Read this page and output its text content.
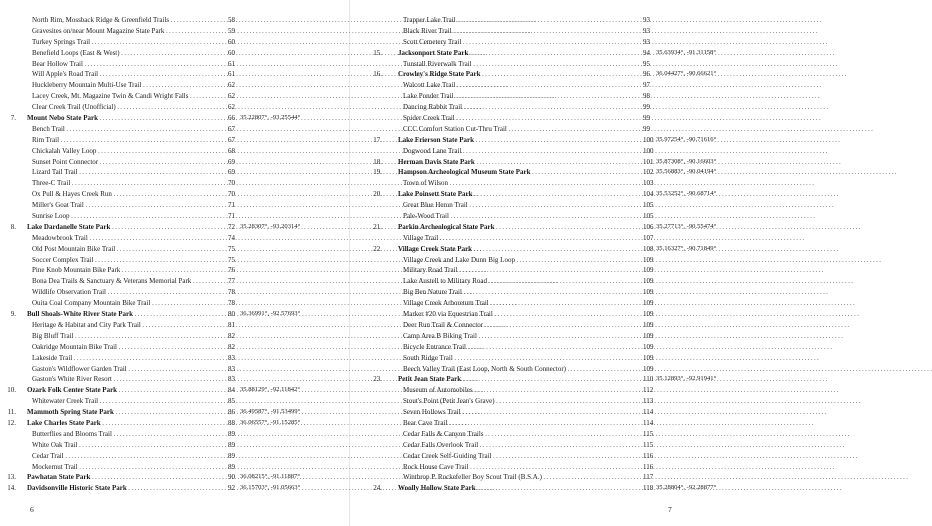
North Rim, Mossback Ridge & Greenfield Trails . . .	58
Gravesites on/near Mount Magazine State Park . . .	59
Turkey Springs Trail . . .	60
Benefield Loops (East & West) . . .	60
Bear Hollow Trail . . .	61
Will Apple's Road Trail . . .	61
Huckleberry Mountain Multi-Use Trail . . .	62
Lacey Creek, Mt. Magazine Twin & Candi Wright Falls . . .	62
Clear Creek Trail (Unofficial) . . .	62
7. Mount Nebo State Park . . .	66 35.22807°, -93.25544°
Bench Trail . . .	67
Rim Trail . . .	67
Chickalah Valley Loop . . .	68
Sunset Point Connector . . .	69
Lizard Tail Trail . . .	69
Three-C Trail . . .	70
Ox Pull & Hayes Creek Run . . .	70
Miller's Goat Trail . . .	71
Sunrise Loop . . .	71
8. Lake Dardanelle State Park . . .	72 35.28307°, -93.20314°
Meadowbrook Trail . . .	74
Old Post Mountain Bike Trail . . .	75
Soccer Complex Trail . . .	75
Pine Knob Mountain Bike Park . . .	76
Bona Dea Trails & Sanctuary & Veterans Memorial Park . . .	77
Wildlife Observation Trail . . .	78
Ouita Coal Company Mountain Bike Trail . . .	78
9. Bull Shoals-White River State Park . . .	80 36.36991°, -92.57693°
Heritage & Habitat and City Park Trail . . .	81
Big Bluff Trail . . .	82
Oakridge Mountain Bike Trail . . .	82
Lakeside Trail . . .	83
Gaston's Wildflower Garden Trail . . .	83
Gaston's White River Resort . . .	83
10. Ozark Folk Center State Park . . .	84 35.88129°, -92.11842°
Whitewater Creek Trail . . .	85
11. Mammoth Spring State Park . . .	86 36.49587°, -91.53499°
12. Lake Charles State Park . . .	88 36.06557°, -91.15285°
Butterflies and Blooms Trail . . .	89
White Oak Trail . . .	89
Cedar Trail . . .	89
Mockernut Trail . . .	89
13. Pawhatan State Park . . .	90 36.08215°, -91.11887°
14. Davidsonville Historic State Park . . .	92 36.15703°, -91.05663°
6
Trapper Lake Trail . . .	93
Black River Trail . . .	93
Scott Cemetery Trail . . .	93
15. Jacksonport State Park . . .	94 35.63934°, -91.31158°
Tunstall Riverwalk Trail . . .	95
16. Crowley's Ridge State Park . . .	96 36.04427°, -90.66621°
Walcott Lake Trail . . .	97
Lake Ponder Trail . . .	98
Dancing Rabbit Trail . . .	99
Spider Creek Trail . . .	99
CCC Comfort Station Cut-Thru Trail . . .	99
17. Lake Frierson State Park . . .	100 35.97254°, -90.71616°
Dogwood Lane Trail . . .	100
18. Herman Davis State Park . . .	101 35.87308°, -90.16603°
19. Hampson Archeological Museum State Park . . .	102 35.56883°, -90.04194°
Town of Wilson . . .	103
20. Lake Poinsett State Park . . .	104 35.53252°, -90.68714°
Great Blue Heron Trail . . .	105
Pale-Wood Trail . . .	105
21. Parkin Archeological State Park . . .	106 35.27713°, -90.55474°
Village Trail . . .	107
22. Village Creek State Park . . .	108 35.16327°, -90.71849°
Village Creek and Lake Dunn Big Loop . . .	109
Military Road Trail . . .	109
Lake Austell to Military Road . . .	109
Big Ben Nature Trail . . .	109
Village Creek Arboretum Trail . . .	109
Marker #20 via Equestrian Trail . . .	109
Deer Run Trail & Connector . . .	109
Camp Area B Biking Trail . . .	109
Bicycle Entrance Trail . . .	109
South Ridge Trail . . .	109
Beech Valley Trail (East Loop, North & South Connector) . . .	109
23. Petit Jean State Park . . .	110 35.12893°, -92.91941°
Museum of Automobiles . . .	112
Stout's Point (Petit Jean's Grave) . . .	113
Seven Hollows Trail . . .	114
Bear Cave Trail . . .	114
Cedar Falls & Canyon Trails . . .	115
Cedar Falls Overlook Trail . . .	115
Cedar Creek Self-Guiding Trail . . .	116
Rock House Cave Trail . . .	116
Winthrop P. Rockefeller Boy Scout Trail (B.S.A.) . . .	117
24. Woolly Hollow State Park . . .	118 35.28804°, -92.28877°
7
